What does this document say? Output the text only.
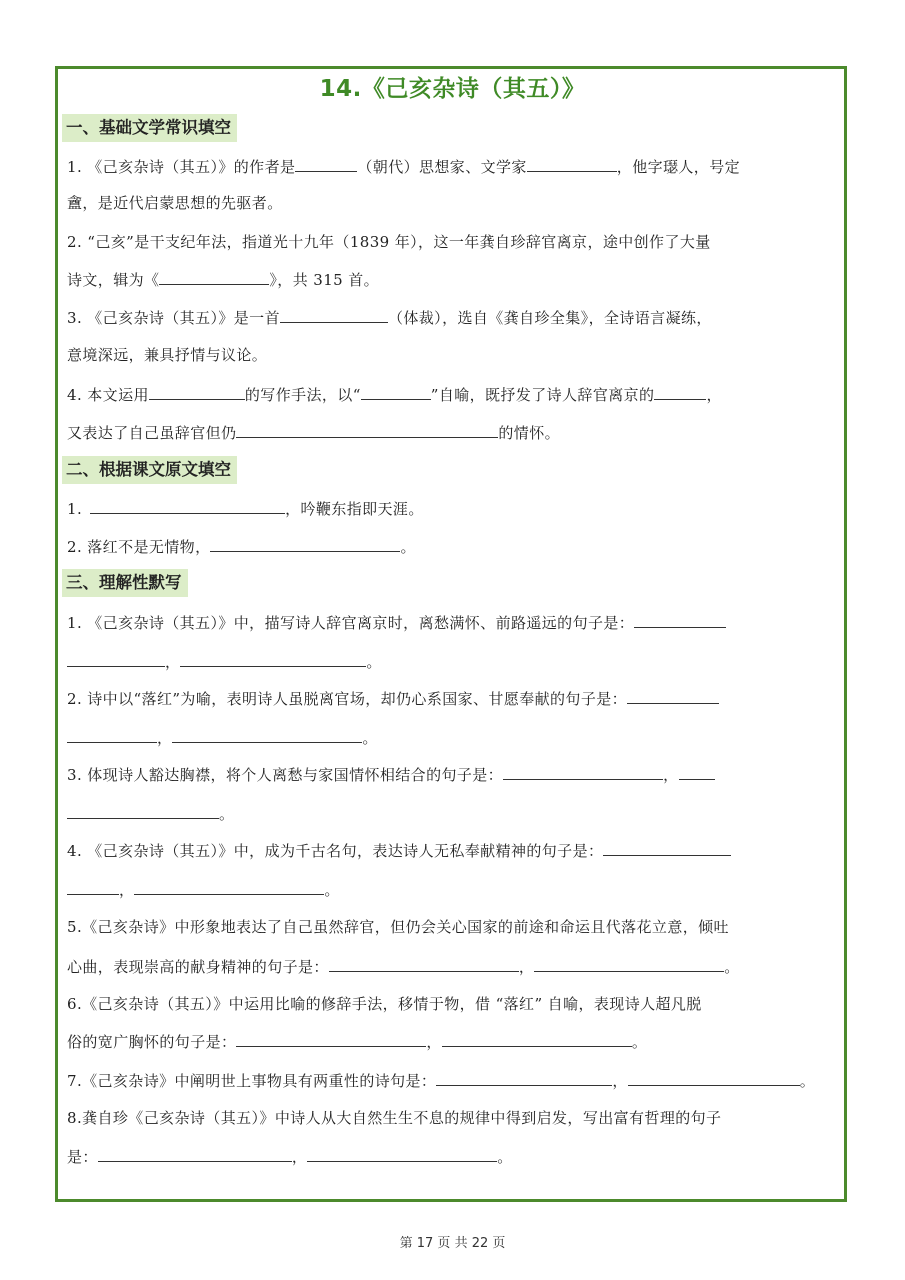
14.《己亥杂诗（其五）》
一、基础文学常识填空
1. 《己亥杂诗（其五）》的作者是	（朝代）思想家、文学家	，他字璱人，号定
盦，是近代启蒙思想的先驱者。
2. “己亥”是干支纪年法，指道光十九年（1839 年），这一年龚自珍辞官离京，途中创作了大量
诗文，辑为《	》，共 315 首。
3. 《己亥杂诗（其五）》是一首	（体裁），选自《龚自珍全集》，全诗语言凝练，
意境深远，兼具抒情与议论。
4. 本文运用	的写作手法，以“	”自喻，既抒发了诗人辞官离京的	，
又表达了自己虽辞官但仍	的情怀。
二、根据课文原文填空
1.	，吟鞭东指即天涯。
2. 落红不是无情物，	。
三、理解性默写
1. 《己亥杂诗（其五）》中，描写诗人辞官离京时，离愁满怀、前路遥远的句子是：
，	。
2. 诗中以“落红”为喻，表明诗人虽脱离官场，却仍心系国家、甘愿奉献的句子是：
，	。
3. 体现诗人豁达胸襟，将个人离愁与家国情怀相结合的句子是：	，
。
4. 《己亥杂诗（其五）》中，成为千古名句，表达诗人无私奉献精神的句子是：
，	。
5.《己亥杂诗》中形象地表达了自己虽然辞官，但仍会关心国家的前途和命运且代落花立意，倾吐
心曲，表现崇高的献身精神的句子是：	，	。
6.《己亥杂诗（其五）》中运用比喻的修辞手法，移情于物，借 “落红” 自喻，表现诗人超凡脱
俗的宽广胸怀的句子是：	，	。
7.《己亥杂诗》中阐明世上事物具有两重性的诗句是：	，	。
8.龚自珍《己亥杂诗（其五）》中诗人从大自然生生不息的规律中得到启发，写出富有哲理的句子
是：	，	。
第 17 页 共 22 页
